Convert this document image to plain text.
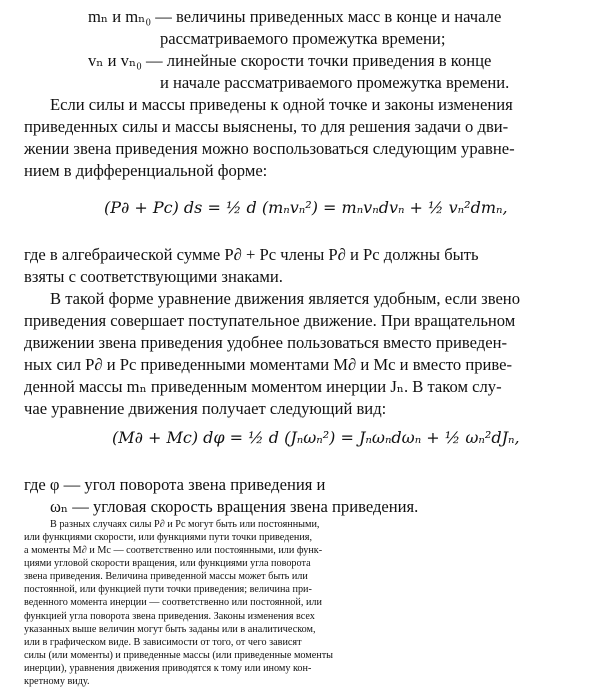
mₙ и mₙ₀ — величины приведенных масс в конце и начале

рассматриваемого промежутка времени;

vₙ и vₙ₀ — линейные скорости точки приведения в конце

и начале рассматриваемого промежутка времени.

Если силы и массы приведены к одной точке и законы изменения

приведенных силы и массы выяснены, то для решения задачи о дви-

жении звена приведения можно воспользоваться следующим уравне-

нием в дифференциальной форме:

(P∂ + Pc) ds = ½ d (mₙvₙ²) = mₙvₙdvₙ + ½ vₙ²dmₙ,

где в алгебраической сумме P∂ + Pc члены P∂ и Pc должны быть

взяты с соответствующими знаками.

В такой форме уравнение движения является удобным, если звено

приведения совершает поступательное движение. При вращательном

движении звена приведения удобнее пользоваться вместо приведен-

ных сил P∂ и Pc приведенными моментами M∂ и Mc и вместо приве-

денной массы mₙ приведенным моментом инерции Jₙ. В таком слу-

чае уравнение движения получает следующий вид:

(M∂ + Mc) dφ = ½ d (Jₙωₙ²) = Jₙωₙdωₙ + ½ ωₙ²dJₙ,

где φ — угол поворота звена приведения и

ωₙ — угловая скорость вращения звена приведения.

В разных случаях силы P∂ и Pc могут быть или постоянными,

или функциями скорости, или функциями пути точки приведения,

а моменты M∂ и Mc — соответственно или постоянными, или функ-

циями угловой скорости вращения, или функциями угла поворота

звена приведения. Величина приведенной массы может быть или

постоянной, или функцией пути точки приведения; величина при-

веденного момента инерции — соответственно или постоянной, или

функцией угла поворота звена приведения. Законы изменения всех

указанных выше величин могут быть заданы или в аналитическом,

или в графическом виде. В зависимости от того, от чего зависят

силы (или моменты) и приведенные массы (или приведенные моменты

инерции), уравнения движения приводятся к тому или иному кон-

кретному виду.
